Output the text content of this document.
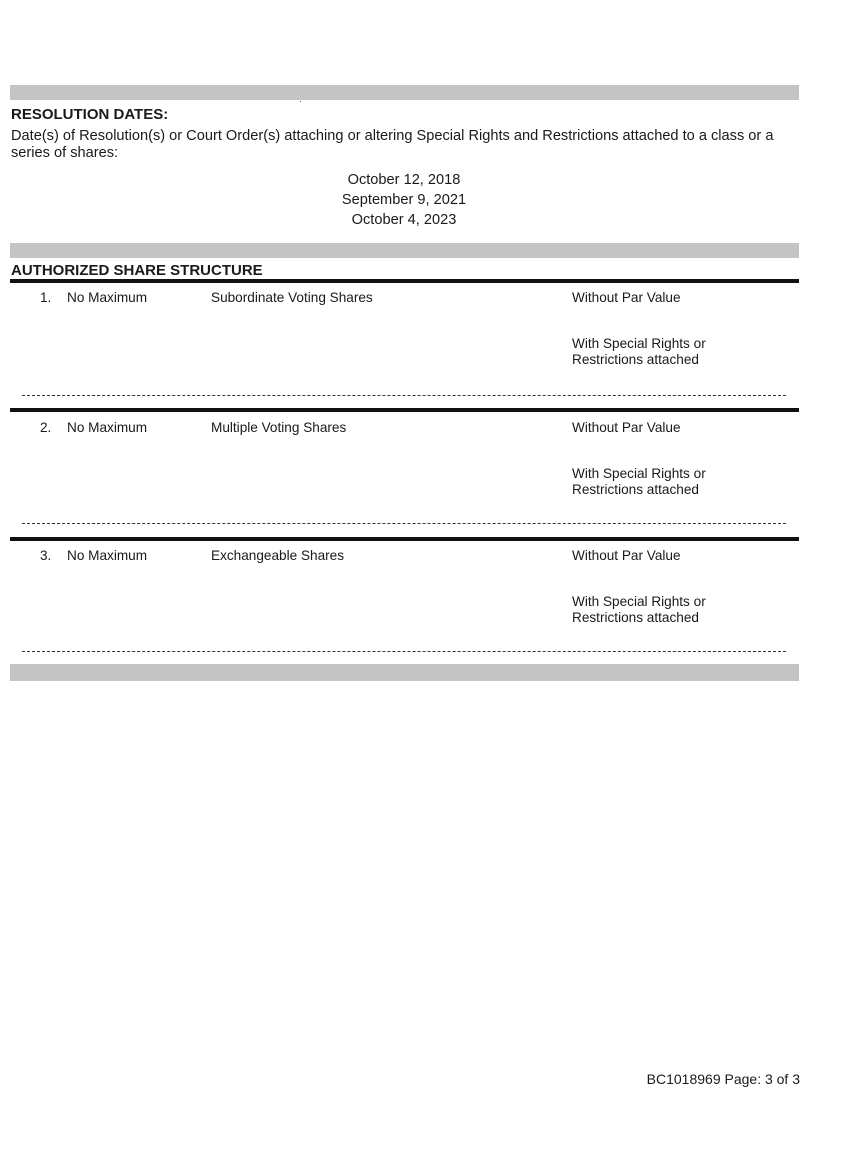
RESOLUTION DATES:

Date(s) of Resolution(s) or Court Order(s) attaching or altering Special Rights and Restrictions attached to a class or a series of shares:

October 12, 2018
September 9, 2021
October 4, 2023
AUTHORIZED SHARE STRUCTURE
1. No Maximum	Subordinate Voting Shares	Without Par Value
With Special Rights or Restrictions attached
2. No Maximum	Multiple Voting Shares	Without Par Value
With Special Rights or Restrictions attached
3. No Maximum	Exchangeable Shares	Without Par Value
With Special Rights or Restrictions attached
BC1018969 Page: 3 of 3
